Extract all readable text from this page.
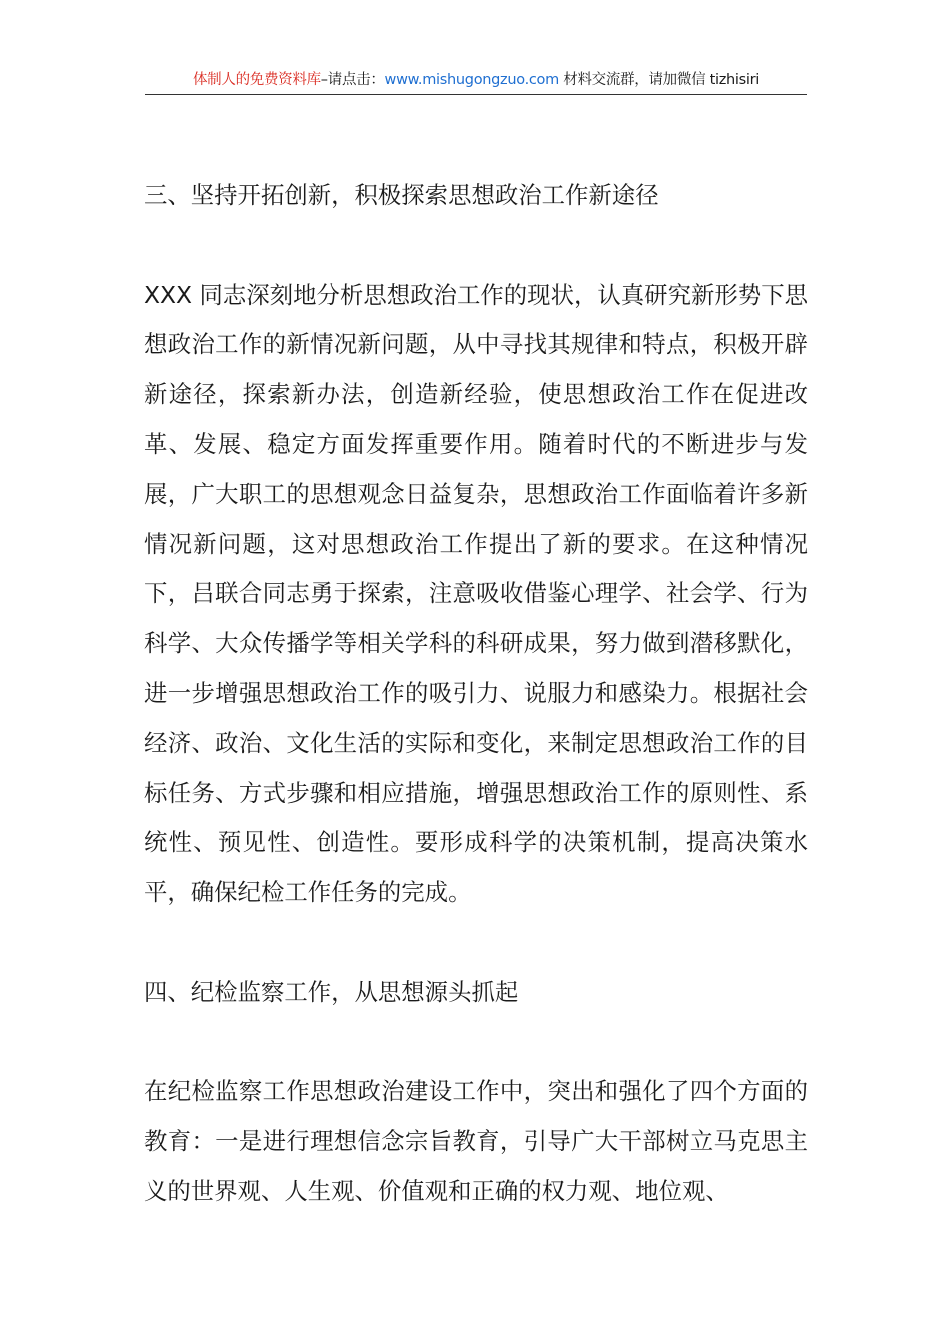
体制人的免费资料库–请点击：www.mishugongzuo.com 材料交流群，请加微信 tizhisiri

三、坚持开拓创新，积极探索思想政治工作新途径

XXX 同志深刻地分析思想政治工作的现状，认真研究新形势下思想政治工作的新情况新问题，从中寻找其规律和特点，积极开辟新途径，探索新办法，创造新经验，使思想政治工作在促进改革、发展、稳定方面发挥重要作用。随着时代的不断进步与发展，广大职工的思想观念日益复杂，思想政治工作面临着许多新情况新问题，这对思想政治工作提出了新的要求。在这种情况下，吕联合同志勇于探索，注意吸收借鉴心理学、社会学、行为科学、大众传播学等相关学科的科研成果，努力做到潜移默化，进一步增强思想政治工作的吸引力、说服力和感染力。根据社会经济、政治、文化生活的实际和变化，来制定思想政治工作的目标任务、方式步骤和相应措施，增强思想政治工作的原则性、系统性、预见性、创造性。要形成科学的决策机制，提高决策水平，确保纪检工作任务的完成。

四、纪检监察工作，从思想源头抓起

在纪检监察工作思想政治建设工作中，突出和强化了四个方面的教育：一是进行理想信念宗旨教育，引导广大干部树立马克思主义的世界观、人生观、价值观和正确的权力观、地位观、
